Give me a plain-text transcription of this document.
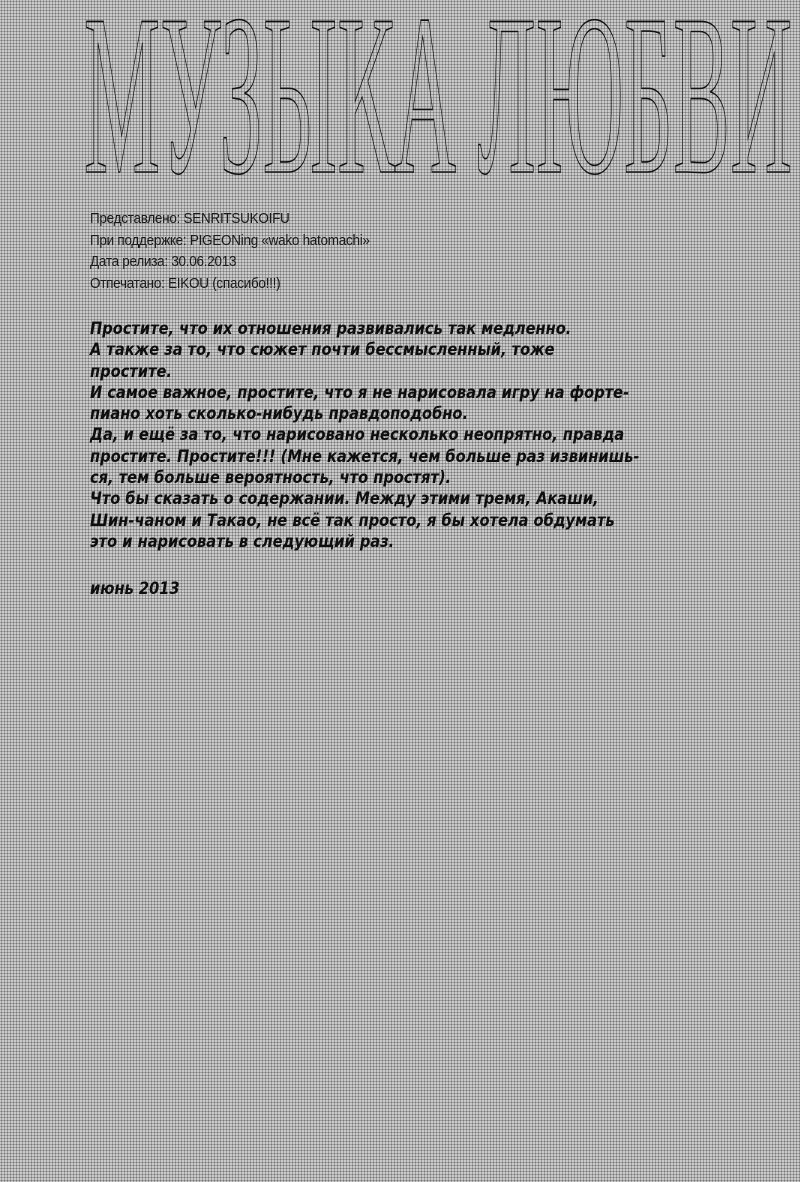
МУЗЫКА ЛЮБВИ
Представлено: SENRITSUKOIFU
При поддержке: PIGEONing «wako hatomachi»
Дата релиза: 30.06.2013
Отпечатано: EIKOU (спасибо!!!)
Простите, что их отношения развивались так медленно.
А также за то, что сюжет почти бессмысленный, тоже
простите.
И самое важное, простите, что я не нарисовала игру на форте-
пиано хоть сколько-нибудь правдоподобно.
Да, и ещё за то, что нарисовано несколько неопрятно, правда
простите. Простите!!! (Мне кажется, чем больше раз извинишь-
ся, тем больше вероятность, что простят).
Что бы сказать о содержании. Между этими тремя, Акаши,
Шин-чаном и Такао, не всё так просто, я бы хотела обдумать
это и нарисовать в следующий раз.
июнь 2013
